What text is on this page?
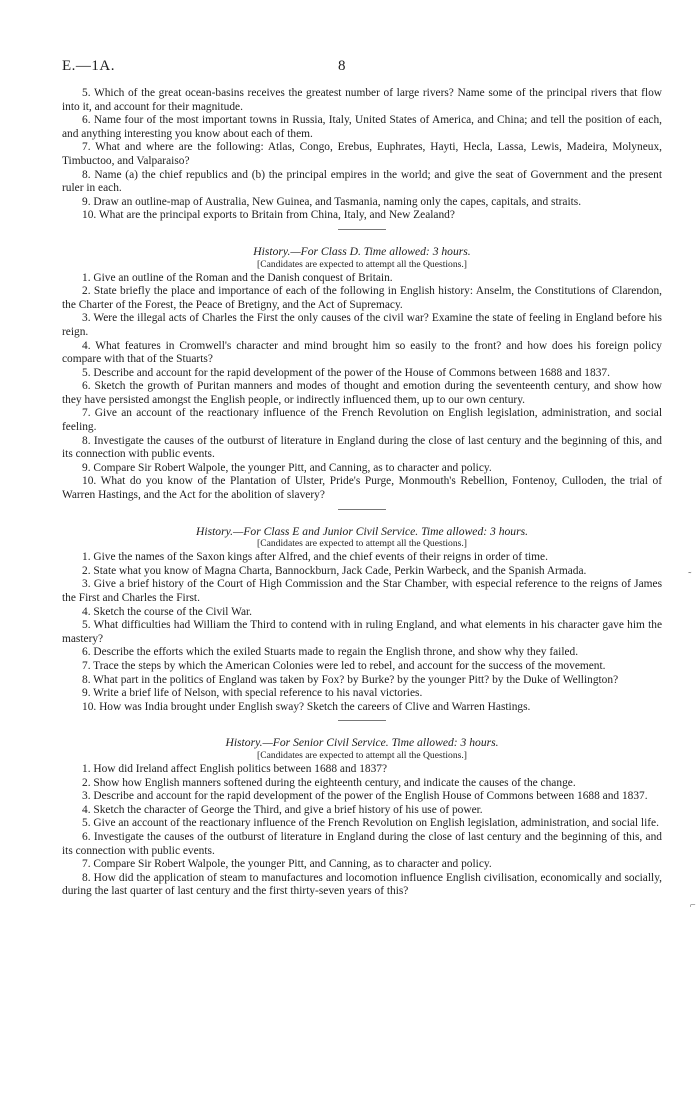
E.—1A.	8

5. Which of the great ocean-basins receives the greatest number of large rivers? Name some of the principal rivers that flow into it, and account for their magnitude.

6. Name four of the most important towns in Russia, Italy, United States of America, and China; and tell the position of each, and anything interesting you know about each of them.

7. What and where are the following: Atlas, Congo, Erebus, Euphrates, Hayti, Hecla, Lassa, Lewis, Madeira, Molyneux, Timbuctoo, and Valparaiso?

8. Name (a) the chief republics and (b) the principal empires in the world; and give the seat of Government and the present ruler in each.

9. Draw an outline-map of Australia, New Guinea, and Tasmania, naming only the capes, capitals, and straits.

10. What are the principal exports to Britain from China, Italy, and New Zealand?

History.—For Class D. Time allowed: 3 hours.
[Candidates are expected to attempt all the Questions.]

1. Give an outline of the Roman and the Danish conquest of Britain.

2. State briefly the place and importance of each of the following in English history: Anselm, the Constitutions of Clarendon, the Charter of the Forest, the Peace of Bretigny, and the Act of Supremacy.

3. Were the illegal acts of Charles the First the only causes of the civil war? Examine the state of feeling in England before his reign.

4. What features in Cromwell's character and mind brought him so easily to the front? and how does his foreign policy compare with that of the Stuarts?

5. Describe and account for the rapid development of the power of the House of Commons between 1688 and 1837.

6. Sketch the growth of Puritan manners and modes of thought and emotion during the seventeenth century, and show how they have persisted amongst the English people, or indirectly influenced them, up to our own century.

7. Give an account of the reactionary influence of the French Revolution on English legislation, administration, and social feeling.

8. Investigate the causes of the outburst of literature in England during the close of last century and the beginning of this, and its connection with public events.

9. Compare Sir Robert Walpole, the younger Pitt, and Canning, as to character and policy.

10. What do you know of the Plantation of Ulster, Pride's Purge, Monmouth's Rebellion, Fontenoy, Culloden, the trial of Warren Hastings, and the Act for the abolition of slavery?

History.—For Class E and Junior Civil Service. Time allowed: 3 hours.
[Candidates are expected to attempt all the Questions.]

1. Give the names of the Saxon kings after Alfred, and the chief events of their reigns in order of time.

2. State what you know of Magna Charta, Bannockburn, Jack Cade, Perkin Warbeck, and the Spanish Armada.

3. Give a brief history of the Court of High Commission and the Star Chamber, with especial reference to the reigns of James the First and Charles the First.

4. Sketch the course of the Civil War.

5. What difficulties had William the Third to contend with in ruling England, and what elements in his character gave him the mastery?

6. Describe the efforts which the exiled Stuarts made to regain the English throne, and show why they failed.

7. Trace the steps by which the American Colonies were led to rebel, and account for the success of the movement.

8. What part in the politics of England was taken by Fox? by Burke? by the younger Pitt? by the Duke of Wellington?

9. Write a brief life of Nelson, with special reference to his naval victories.

10. How was India brought under English sway? Sketch the careers of Clive and Warren Hastings.

History.—For Senior Civil Service. Time allowed: 3 hours.
[Candidates are expected to attempt all the Questions.]

1. How did Ireland affect English politics between 1688 and 1837?

2. Show how English manners softened during the eighteenth century, and indicate the causes of the change.

3. Describe and account for the rapid development of the power of the English House of Commons between 1688 and 1837.

4. Sketch the character of George the Third, and give a brief history of his use of power.

5. Give an account of the reactionary influence of the French Revolution on English legislation, administration, and social life.

6. Investigate the causes of the outburst of literature in England during the close of last century and the beginning of this, and its connection with public events.

7. Compare Sir Robert Walpole, the younger Pitt, and Canning, as to character and policy.

8. How did the application of steam to manufactures and locomotion influence English civilisation, economically and socially, during the last quarter of last century and the first thirty-seven years of this?

˷
⌐
